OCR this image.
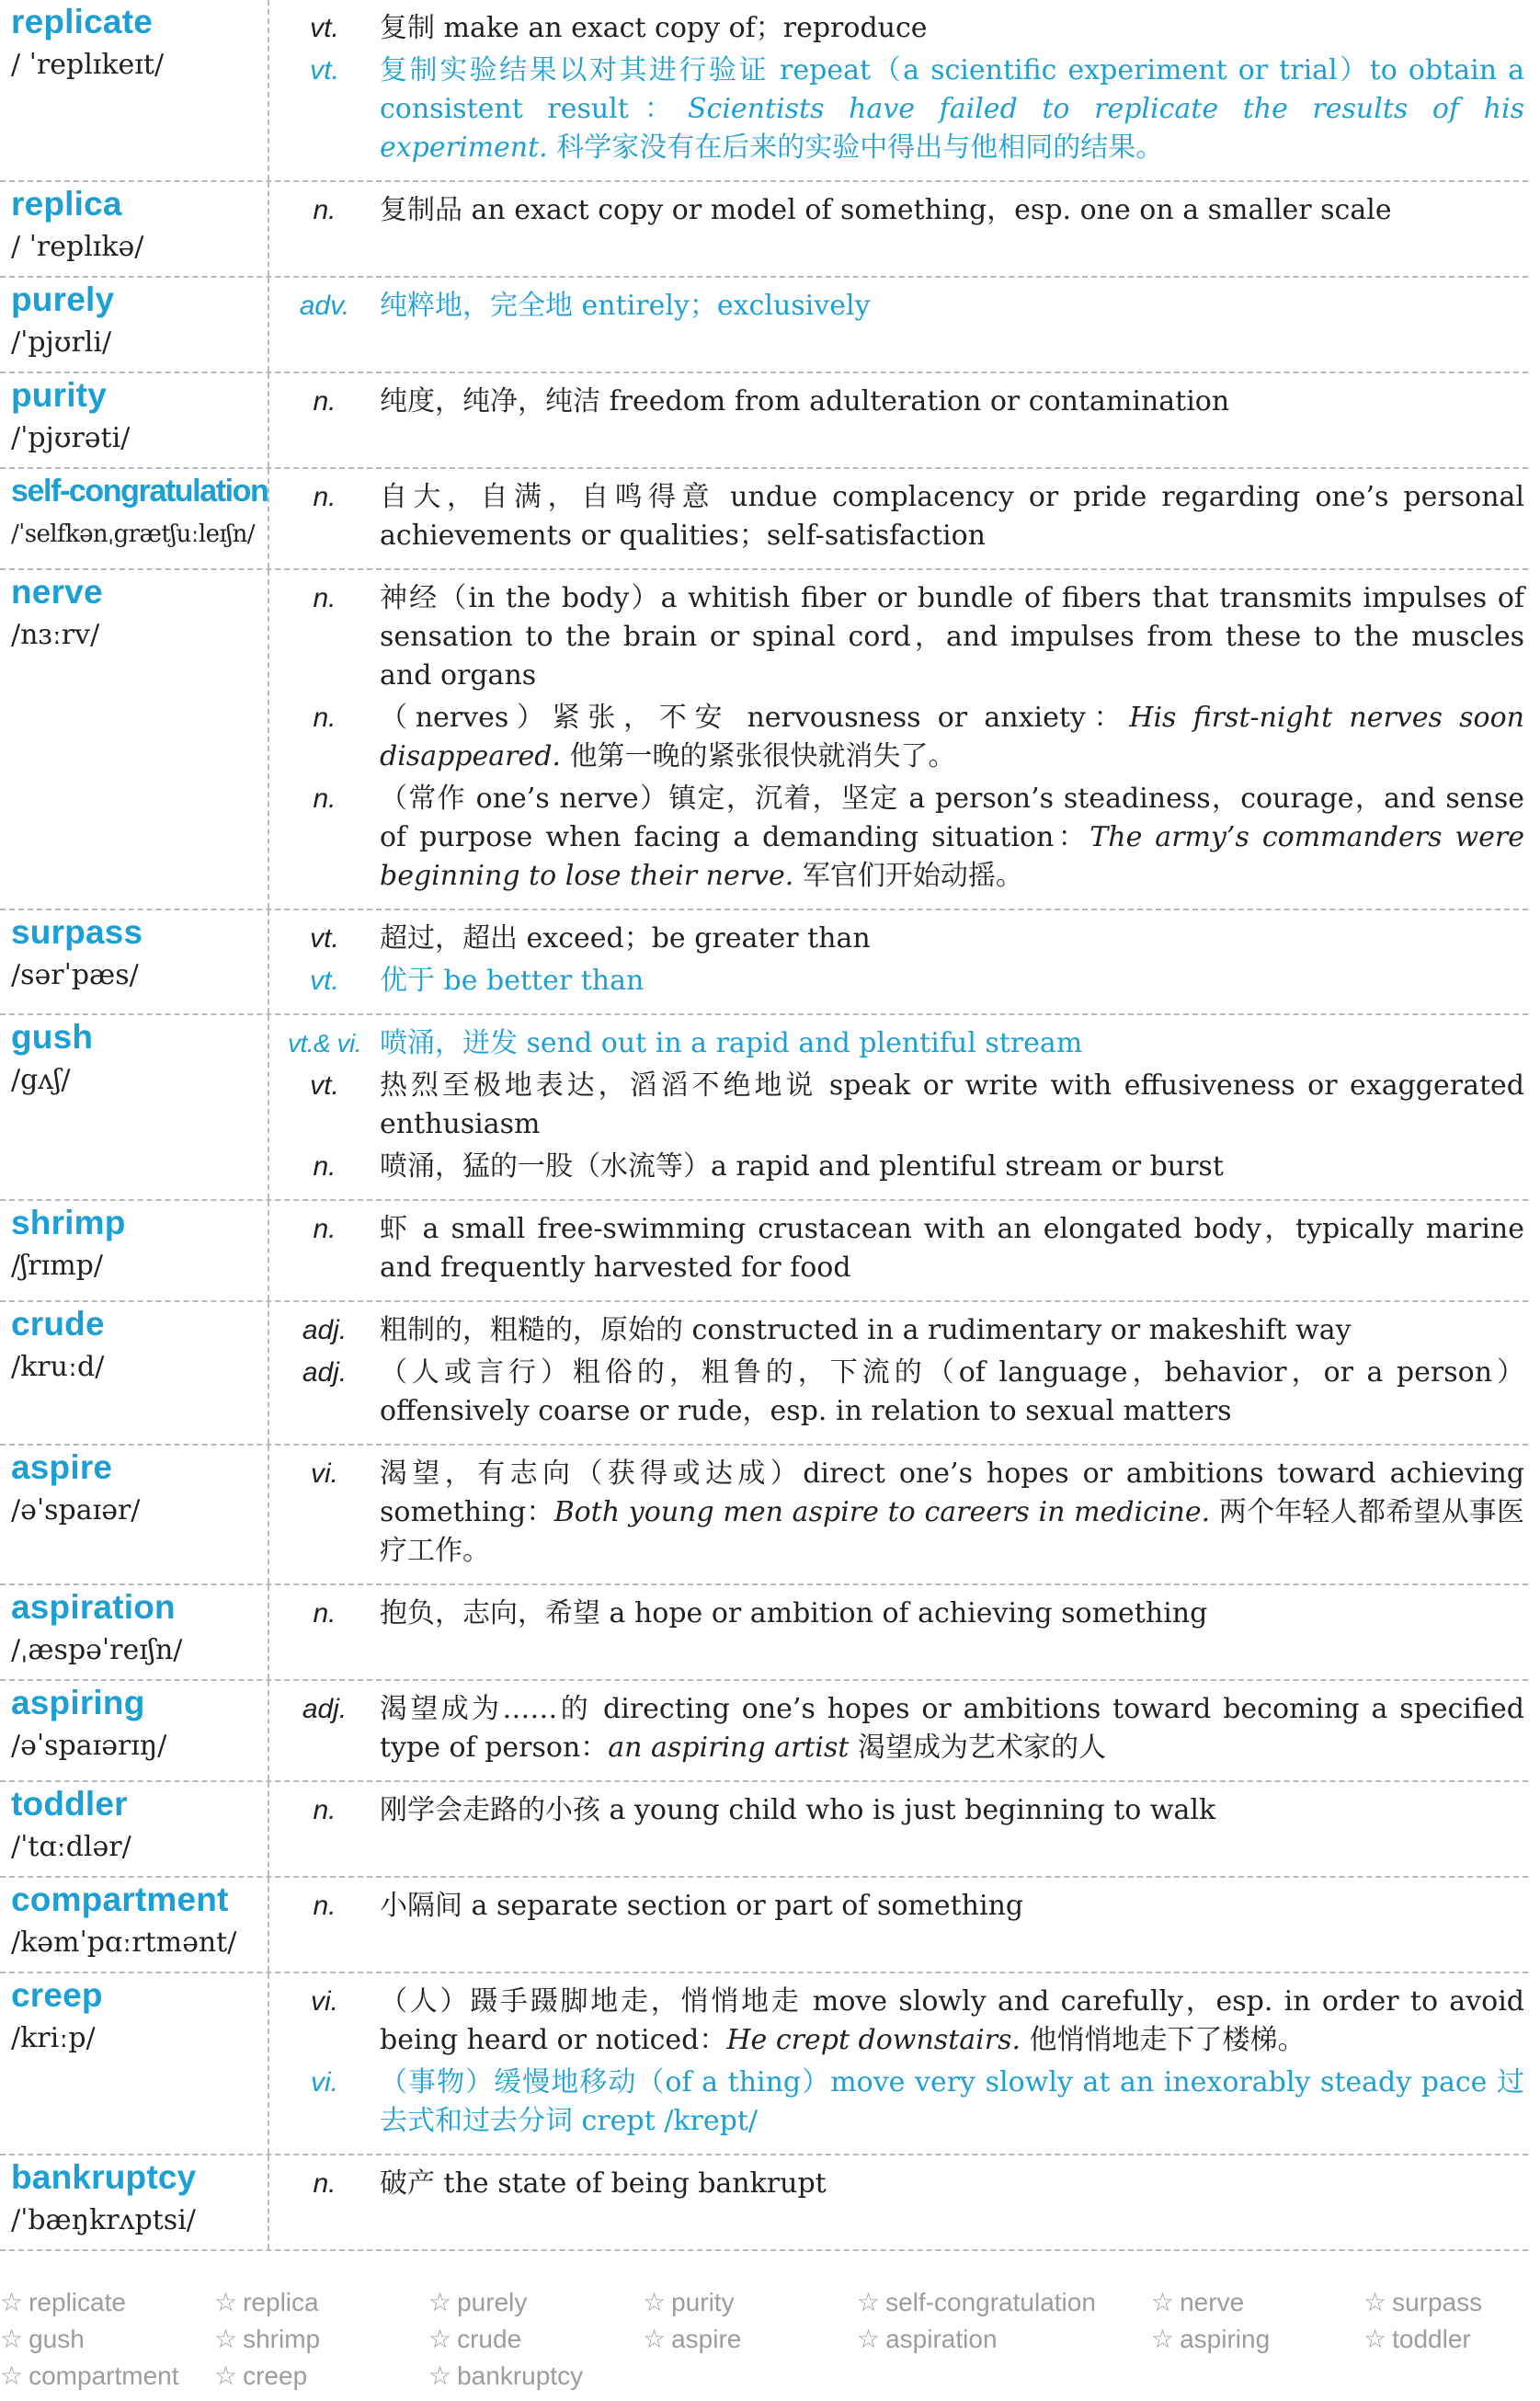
replicate
/ ˈreplɪkeɪt/
vt.	复制 make an exact copy of；reproduce
vt.	复制实验结果以对其进行验证 repeat（a scientific experiment or trial）to obtain a consistent result：Scientists have failed to replicate the results of his experiment. 科学家没有在后来的实验中得出与他相同的结果。
replica
/ ˈreplɪkə/
n.	复制品 an exact copy or model of something，esp. one on a smaller scale
purely
/ˈpjʊrli/
adv.	纯粹地，完全地 entirely；exclusively
purity
/ˈpjʊrəti/
n.	纯度，纯净，纯洁 freedom from adulteration or contamination
self-congratulation
/ˈselfkənˌgrætʃuːleɪʃn/
n.	自大，自满，自鸣得意 undue complacency or pride regarding one’s personal achievements or qualities；self-satisfaction
nerve
/nɜːrv/
n.	神经（in the body）a whitish fiber or bundle of fibers that transmits impulses of sensation to the brain or spinal cord，and impulses from these to the muscles and organs
n.	（nerves）紧张，不安 nervousness or anxiety：His first-night nerves soon disappeared. 他第一晚的紧张很快就消失了。
n.	（常作 one’s nerve）镇定，沉着，坚定 a person’s steadiness，courage，and sense of purpose when facing a demanding situation：The army’s commanders were beginning to lose their nerve. 军官们开始动摇。
surpass
/sərˈpæs/
vt.	超过，超出 exceed；be greater than
vt.	优于 be better than
gush
/gʌʃ/
vt.& vi. 喷涌，迸发 send out in a rapid and plentiful stream
vt.	热烈至极地表达，滔滔不绝地说 speak or write with effusiveness or exaggerated enthusiasm
n.	喷涌，猛的一股（水流等）a rapid and plentiful stream or burst
shrimp
/ʃrɪmp/
n.	虾 a small free-swimming crustacean with an elongated body，typically marine and frequently harvested for food
crude
/kruːd/
adj.	粗制的，粗糙的，原始的 constructed in a rudimentary or makeshift way
adj.	（人或言行）粗俗的，粗鲁的，下流的（of language，behavior，or a person）offensively coarse or rude，esp. in relation to sexual matters
aspire
/əˈspaɪər/
vi.	渴望，有志向（获得或达成）direct one’s hopes or ambitions toward achieving something：Both young men aspire to careers in medicine. 两个年轻人都希望从事医疗工作。
aspiration
/ˌæspəˈreɪʃn/
n.	抱负，志向，希望 a hope or ambition of achieving something
aspiring
/əˈspaɪərɪŋ/
adj.	渴望成为……的 directing one’s hopes or ambitions toward becoming a specified type of person：an aspiring artist 渴望成为艺术家的人
toddler
/ˈtɑːdlər/
n.	刚学会走路的小孩 a young child who is just beginning to walk
compartment
/kəmˈpɑːrtmənt/
n.	小隔间 a separate section or part of something
creep
/kriːp/
vi.	（人）蹑手蹑脚地走，悄悄地走 move slowly and carefully，esp. in order to avoid being heard or noticed：He crept downstairs. 他悄悄地走下了楼梯。
vi.	（事物）缓慢地移动（of a thing）move very slowly at an inexorably steady pace 过去式和过去分词 crept /krept/
bankruptcy
/ˈbæŋkrʌptsi/
n.	破产 the state of being bankrupt
☆ replicate	☆ replica	☆ purely	☆ purity	☆ self-congratulation	☆ nerve	☆ surpass
☆ gush	☆ shrimp	☆ crude	☆ aspire	☆ aspiration	☆ aspiring	☆ toddler
☆ compartment	☆ creep	☆ bankruptcy
